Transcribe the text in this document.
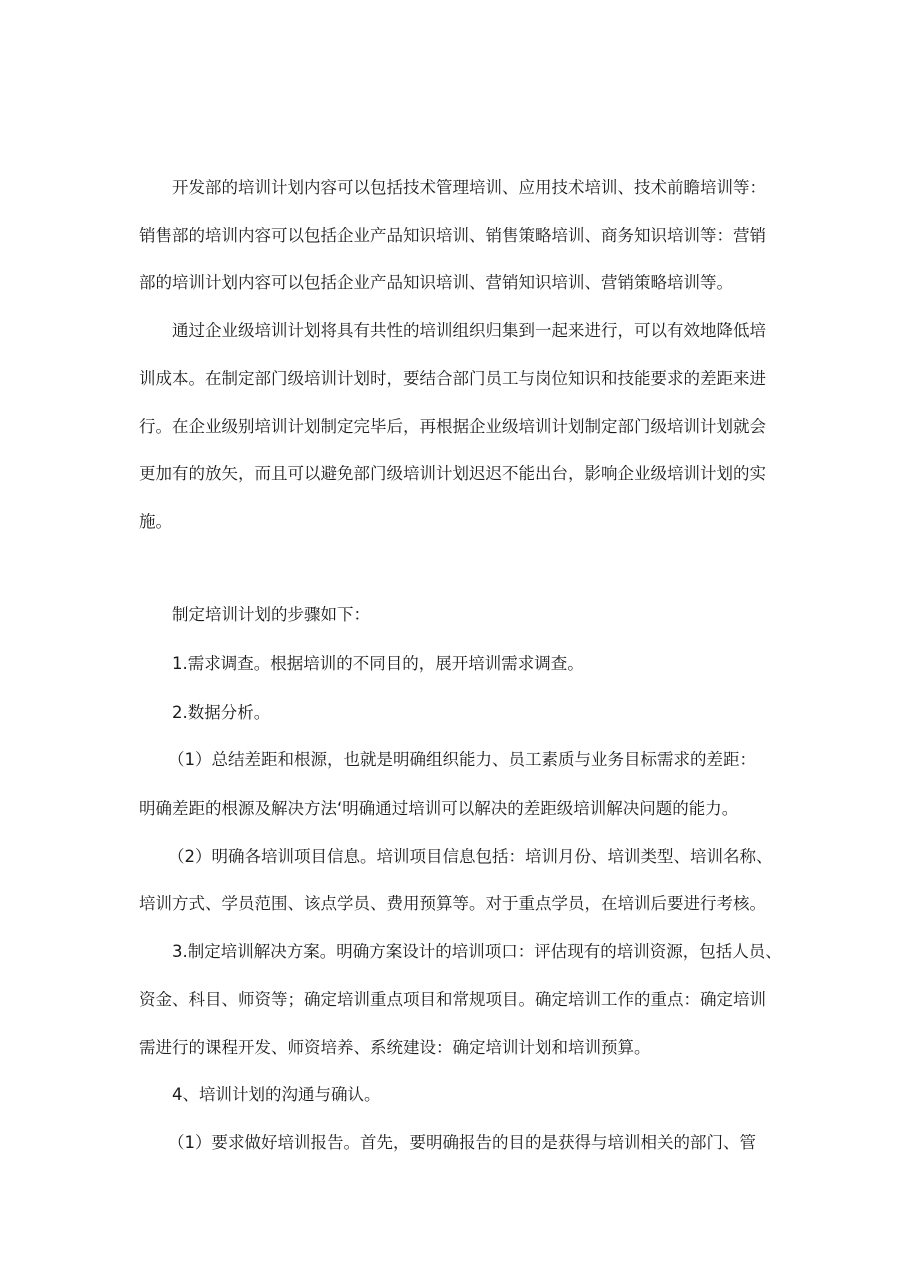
开发部的培训计划内容可以包括技术管理培训、应用技术培训、技术前瞻培训等：
销售部的培训内容可以包括企业产品知识培训、销售策略培训、商务知识培训等：营销
部的培训计划内容可以包括企业产品知识培训、营销知识培训、营销策略培训等。
通过企业级培训计划将具有共性的培训组织归集到一起来进行，可以有效地降低培
训成本。在制定部门级培训计划时，要结合部门员工与岗位知识和技能要求的差距来进
行。在企业级别培训计划制定完毕后，再根据企业级培训计划制定部门级培训计划就会
更加有的放矢，而且可以避免部门级培训计划迟迟不能出台，影响企业级培训计划的实
施。
制定培训计划的步骤如下：
1.需求调查。根据培训的不同目的，展开培训需求调查。
2.数据分析。
（1）总结差距和根源，也就是明确组织能力、员工素质与业务目标需求的差距：
明确差距的根源及解决方法‘明确通过培训可以解决的差距级培训解决问题的能力。
（2）明确各培训项目信息。培训项目信息包括：培训月份、培训类型、培训名称、
培训方式、学员范围、该点学员、费用预算等。对于重点学员，在培训后要进行考核。
3.制定培训解决方案。明确方案设计的培训项口：评估现有的培训资源，包括人员、
资金、科目、师资等；确定培训重点项目和常规项目。确定培训工作的重点：确定培训
需进行的课程开发、师资培养、系统建设：确定培训计划和培训预算。
4、培训计划的沟通与确认。
（1）要求做好培训报告。首先，要明确报告的目的是获得与培训相关的部门、管
